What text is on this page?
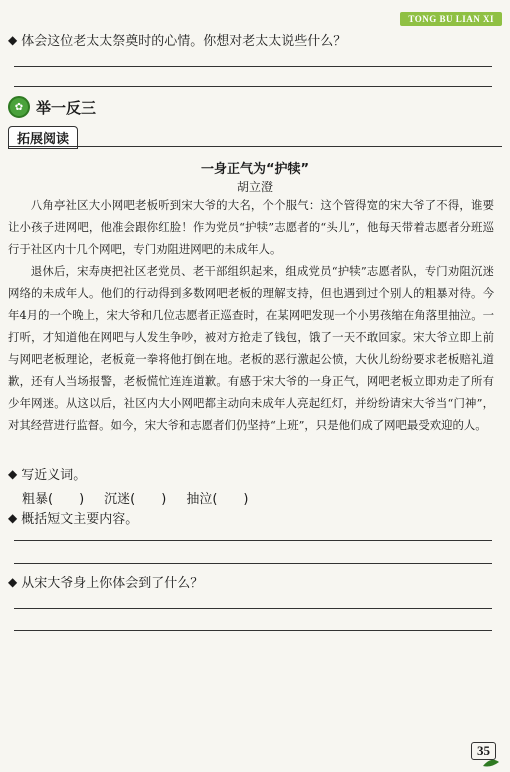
TONG BU LIAN XI
◆ 体会这位老太太祭奠时的心情。你想对老太太说些什么？
✿ 举一反三
拓展阅读
一身正气为“护犊”
胡立澄

八角亭社区大小网吧老板听到宋大爷的大名，个个服气：这个管得宽的宋大爷了不得，谁要让小孩子进网吧，他准会跟你红脸！作为党员“护犊”志愿者的“头儿”，他每天带着志愿者分班巡行于社区内十几个网吧，专门劝阻进网吧的未成年人。

退休后，宋寿庚把社区老党员、老干部组织起来，组成党员“护犊”志愿者队，专门劝阻沉迷网络的未成年人。他们的行动得到多数网吧老板的理解支持，但也遇到过个别人的粗暴对待。今年4月的一个晚上，宋大爷和几位志愿者正巡查时，在某网吧发现一个小男孩缩在角落里抽泣。一打听，才知道他在网吧与人发生争吵，被对方抢走了钱包，饿了一天不敢回家。宋大爷立即上前与网吧老板理论，老板竟一拳将他打倒在地。老板的恶行激起公愤，大伙儿纷纷要求老板赔礼道歉，还有人当场报警，老板慌忙连连道歉。有感于宋大爷的一身正气，网吧老板立即劝走了所有少年网迷。从这以后，社区内大小网吧都主动向未成年人亮起红灯，并纷纷请宋大爷当“门神”，对其经营进行监督。如今，宋大爷和志愿者们仍坚持“上班”，只是他们成了网吧最受欢迎的人。

◆ 写近义词。
粗暴(　　) 沉迷(　　) 抽泣(　　)
◆ 概括短文主要内容。
◆ 从宋大爷身上你体会到了什么？
35
